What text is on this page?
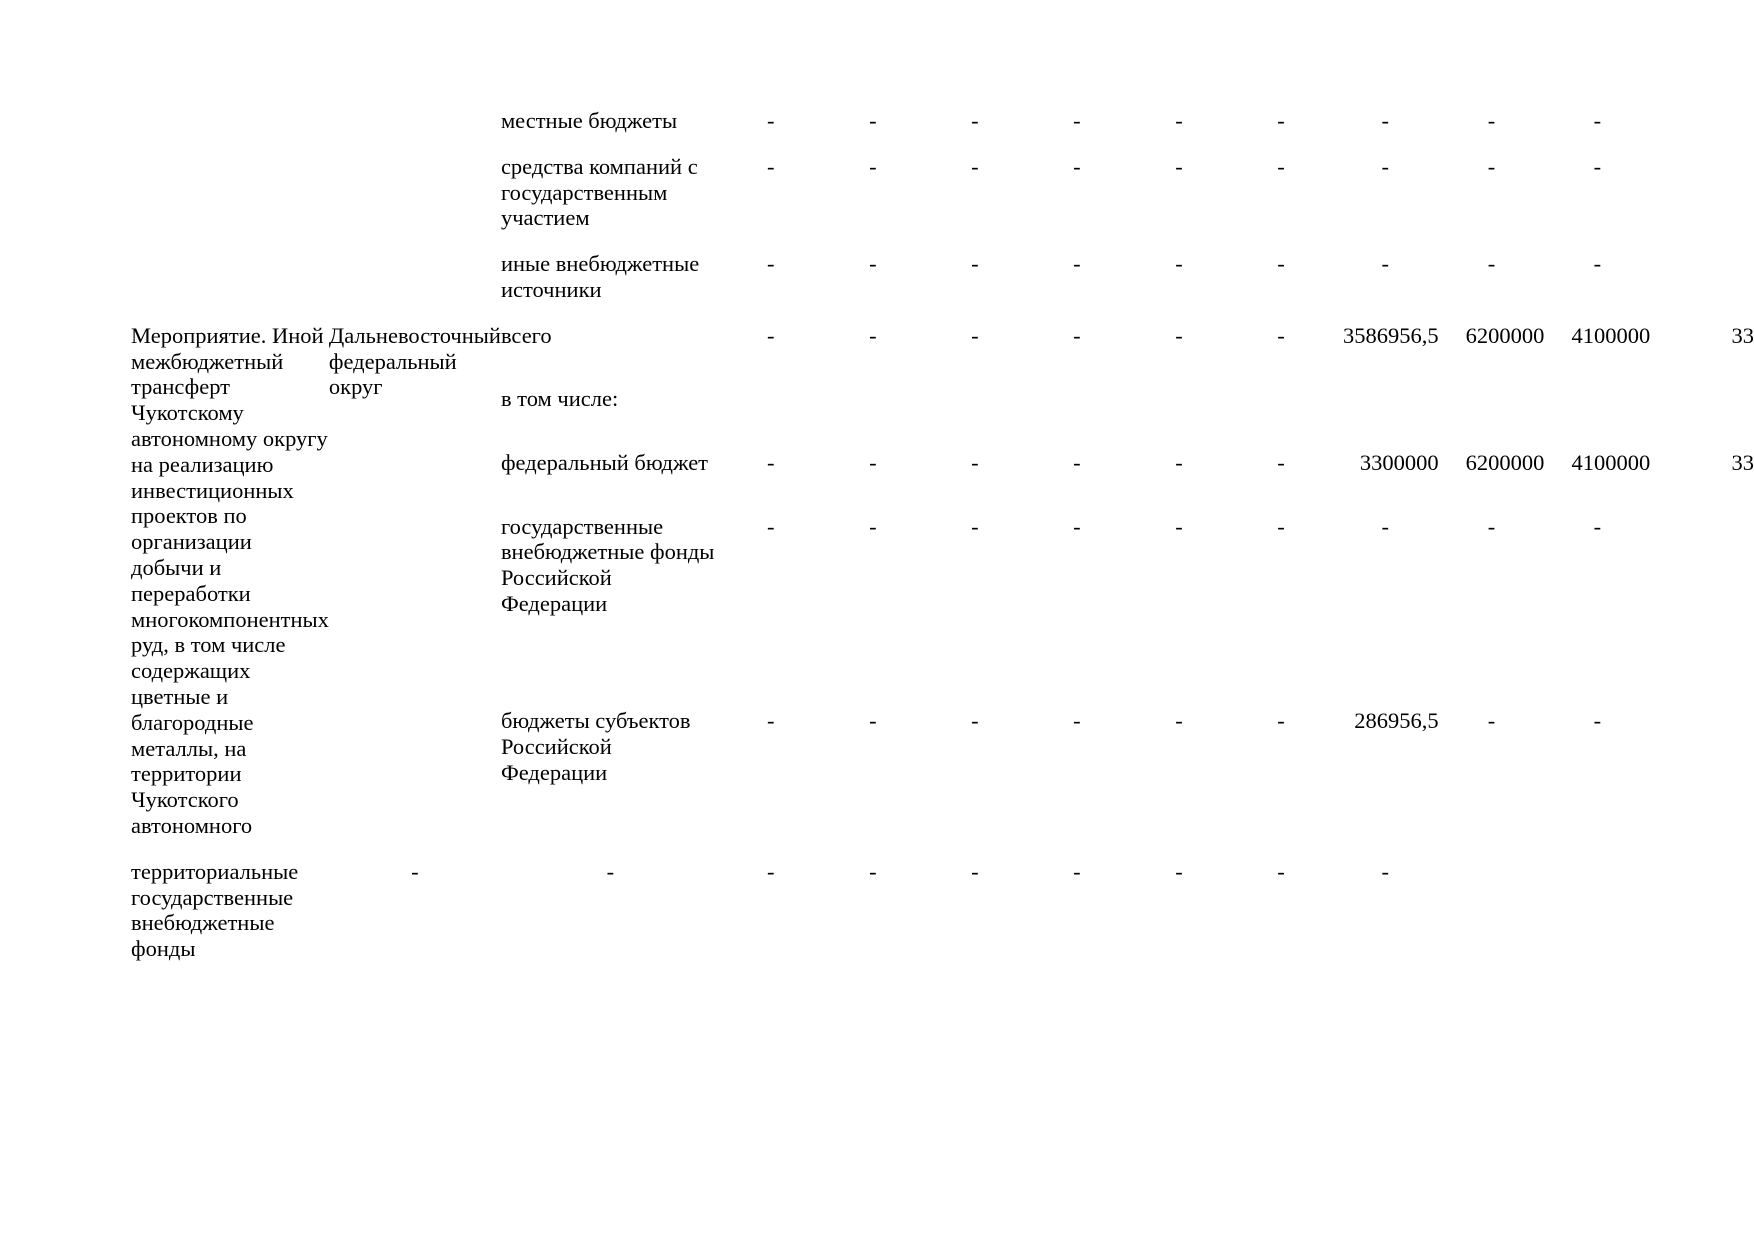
		местные бюджеты	-	-	-	-	-	-	-	-	-	

		средства компаний с государственным участием	-	-	-	-	-	-	-	-	-	

		иные внебюджетные источники	-	-	-	-	-	-	-	-	-	

Мероприятие. Иной межбюджетный трансферт Чукотскому автономному округу на реализацию инвестиционных проектов по организации добычи и переработки многокомпонентных руд, в том числе содержащих цветные и благородные металлы, на территории Чукотского автономного	Дальневосточный федеральный округ	всего	-	-	-	-	-	-	3586956,5	6200000	4100000	33

		в том числе:										

		федеральный бюджет	-	-	-	-	-	-	3300000	6200000	4100000	33

		государственные внебюджетные фонды Российской Федерации	-	-	-	-	-	-	-	-	-	

		бюджеты субъектов Российской Федерации	-	-	-	-	-	-	286956,5	-	-	

территориальные государственные внебюджетные фонды	-	-	-	-	-	-	-	-	-			
